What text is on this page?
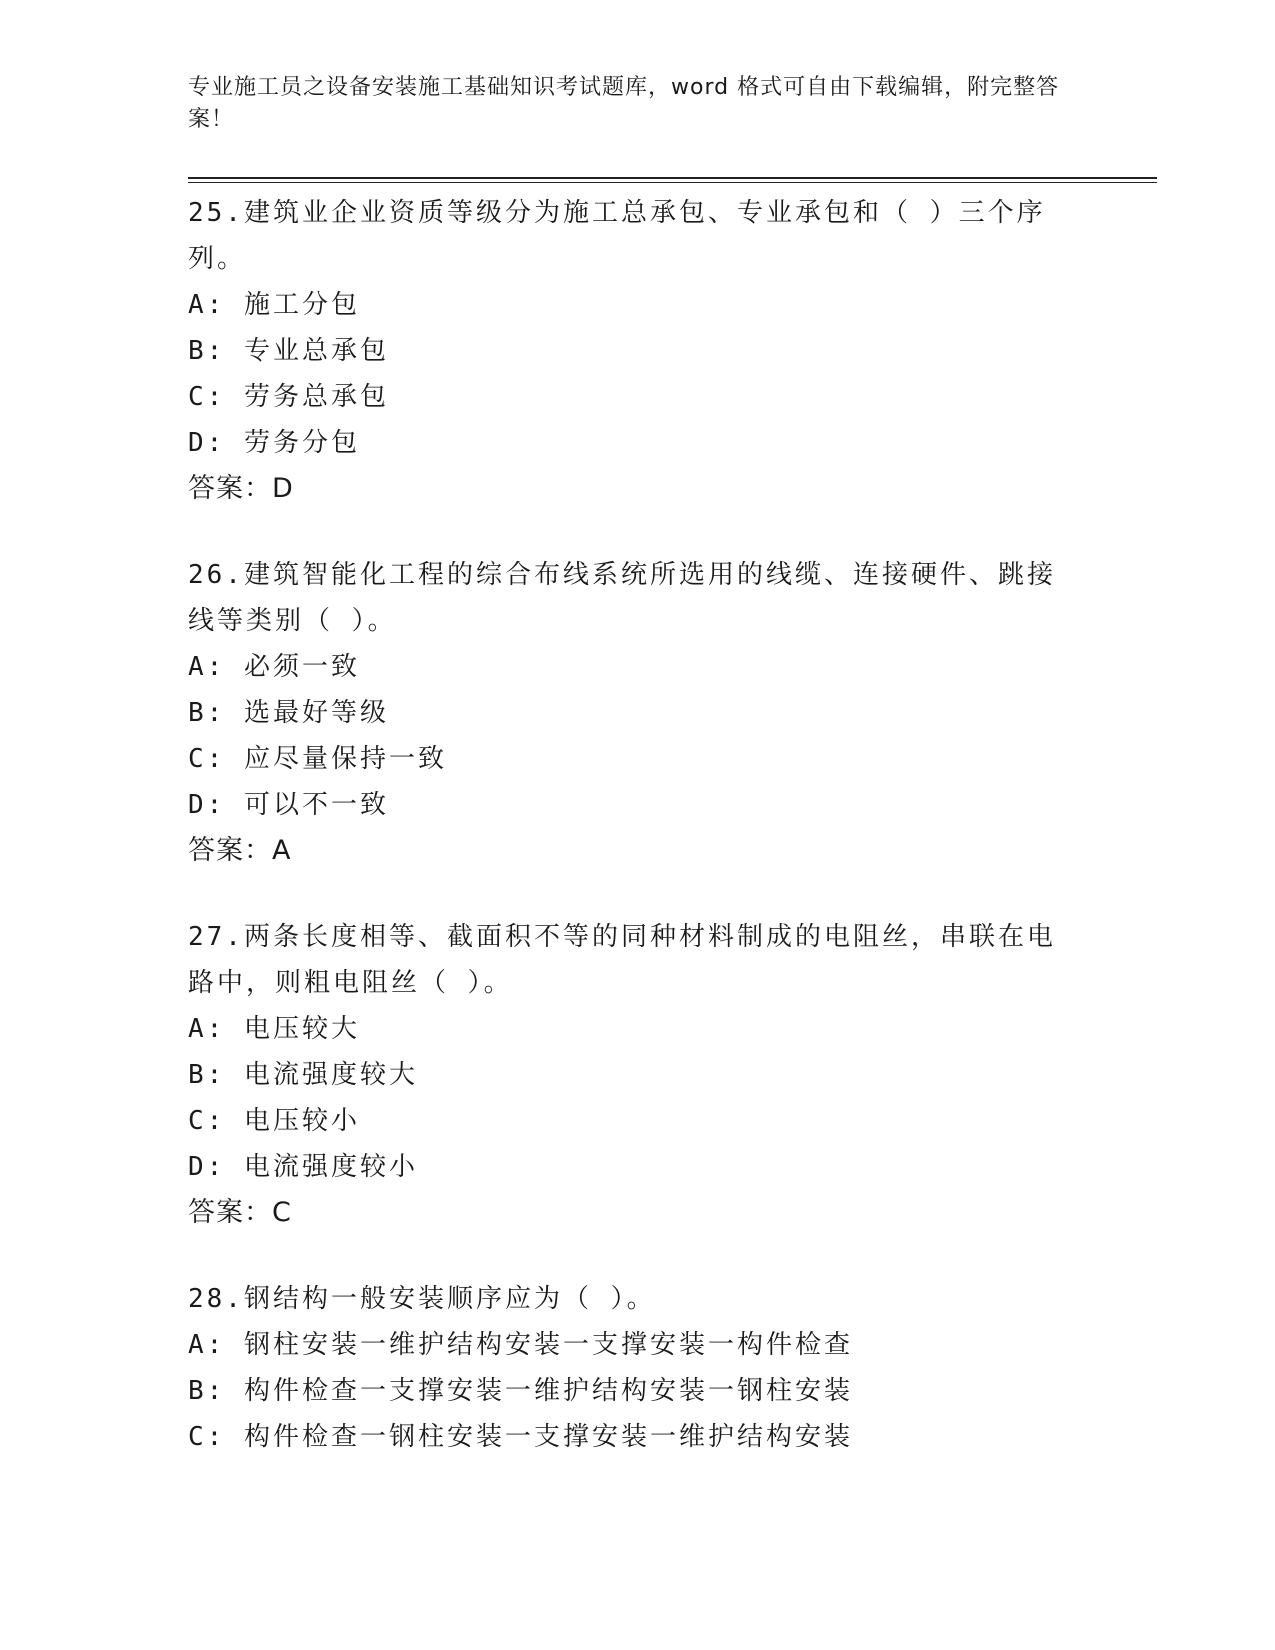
专业施工员之设备安装施工基础知识考试题库，word 格式可自由下载编辑，附完整答案！
25.建筑业企业资质等级分为施工总承包、专业承包和（ ）三个序列。
A: 施工分包
B: 专业总承包
C: 劳务总承包
D: 劳务分包
答案：D
26.建筑智能化工程的综合布线系统所选用的线缆、连接硬件、跳接线等类别（ ）。
A: 必须一致
B: 选最好等级
C: 应尽量保持一致
D: 可以不一致
答案：A
27.两条长度相等、截面积不等的同种材料制成的电阻丝，串联在电路中，则粗电阻丝（ ）。
A: 电压较大
B: 电流强度较大
C: 电压较小
D: 电流强度较小
答案：C
28.钢结构一般安装顺序应为（ ）。
A: 钢柱安装一维护结构安装一支撑安装一构件检查
B: 构件检查一支撑安装一维护结构安装一钢柱安装
C: 构件检查一钢柱安装一支撑安装一维护结构安装
